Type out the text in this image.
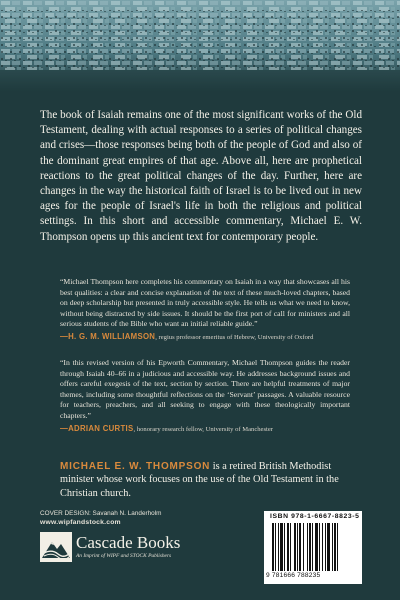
The book of Isaiah remains one of the most significant works of the Old Testament, dealing with actual responses to a series of political changes and crises—those responses being both of the people of God and also of the dominant great empires of that age. Above all, here are prophetical reactions to the great political changes of the day. Further, here are changes in the way the historical faith of Israel is to be lived out in new ages for the people of Israel's life in both the religious and political settings. In this short and accessible commentary, Michael E. W. Thompson opens up this ancient text for contemporary people.

“Michael Thompson here completes his commentary on Isaiah in a way that showcases all his best qualities: a clear and concise explanation of the text of these much-loved chapters, based on deep scholarship but presented in truly accessible style. He tells us what we need to know, without being distracted by side issues. It should be the first port of call for ministers and all serious students of the Bible who want an initial reliable guide.”
—H. G. M. WILLIAMSON, regius professor emeritus of Hebrew, University of Oxford
“In this revised version of his Epworth Commentary, Michael Thompson guides the reader through Isaiah 40–66 in a judicious and accessible way. He addresses background issues and offers careful exegesis of the text, section by section. There are helpful treatments of major themes, including some thoughtful reflections on the ‘Servant’ passages. A valuable resource for teachers, preachers, and all seeking to engage with these theologically important chapters.”
—ADRIAN CURTIS, honorary research fellow, University of Manchester
MICHAEL E. W. THOMPSON is a retired British Methodist minister whose work focuses on the use of the Old Testament in the Christian church.
COVER DESIGN: Savanah N. Landerholm
www.wipfandstock.com
Cascade Books
An Imprint of WIPF and STOCK Publishers
ISBN 978-1-6667-8823-5
9 781666 788235
